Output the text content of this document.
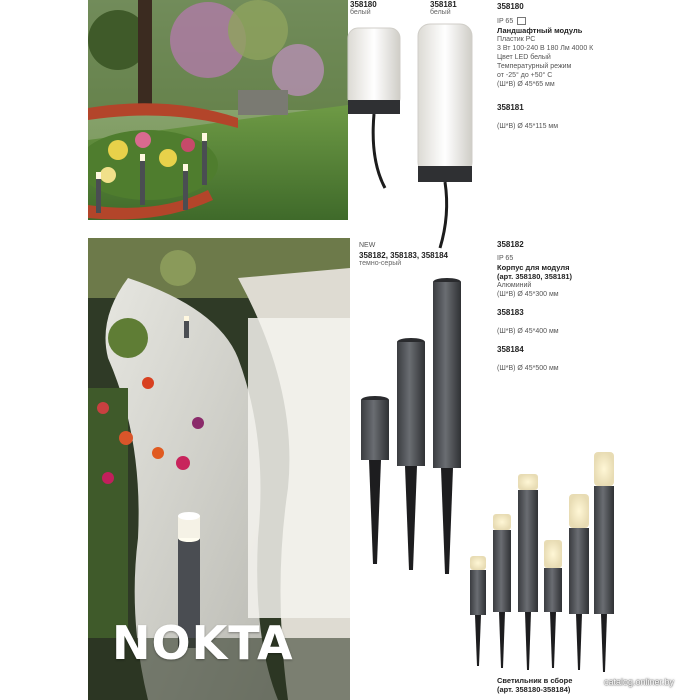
358180
белый
358181
белый
358180
IP 65
Ландшафтный модуль
Пластик PC
3 Вт 100-240 В 180 Лм 4000 К
Цвет LED белый
Температурный режим
от -25° до +50° С
(Ш*В) Ø 45*65 мм
358181
(Ш*В) Ø 45*115 мм
NOKTA
NEW
358182, 358183, 358184
темно-серый
358182
IP 65
Корпус для модуля
(арт. 358180, 358181)
Алюминий
(Ш*В) Ø 45*300 мм
358183
(Ш*В) Ø 45*400 мм
358184
(Ш*В) Ø 45*500 мм
Светильник в сборе
(арт. 358180-358184)
catalog.onliner.by
